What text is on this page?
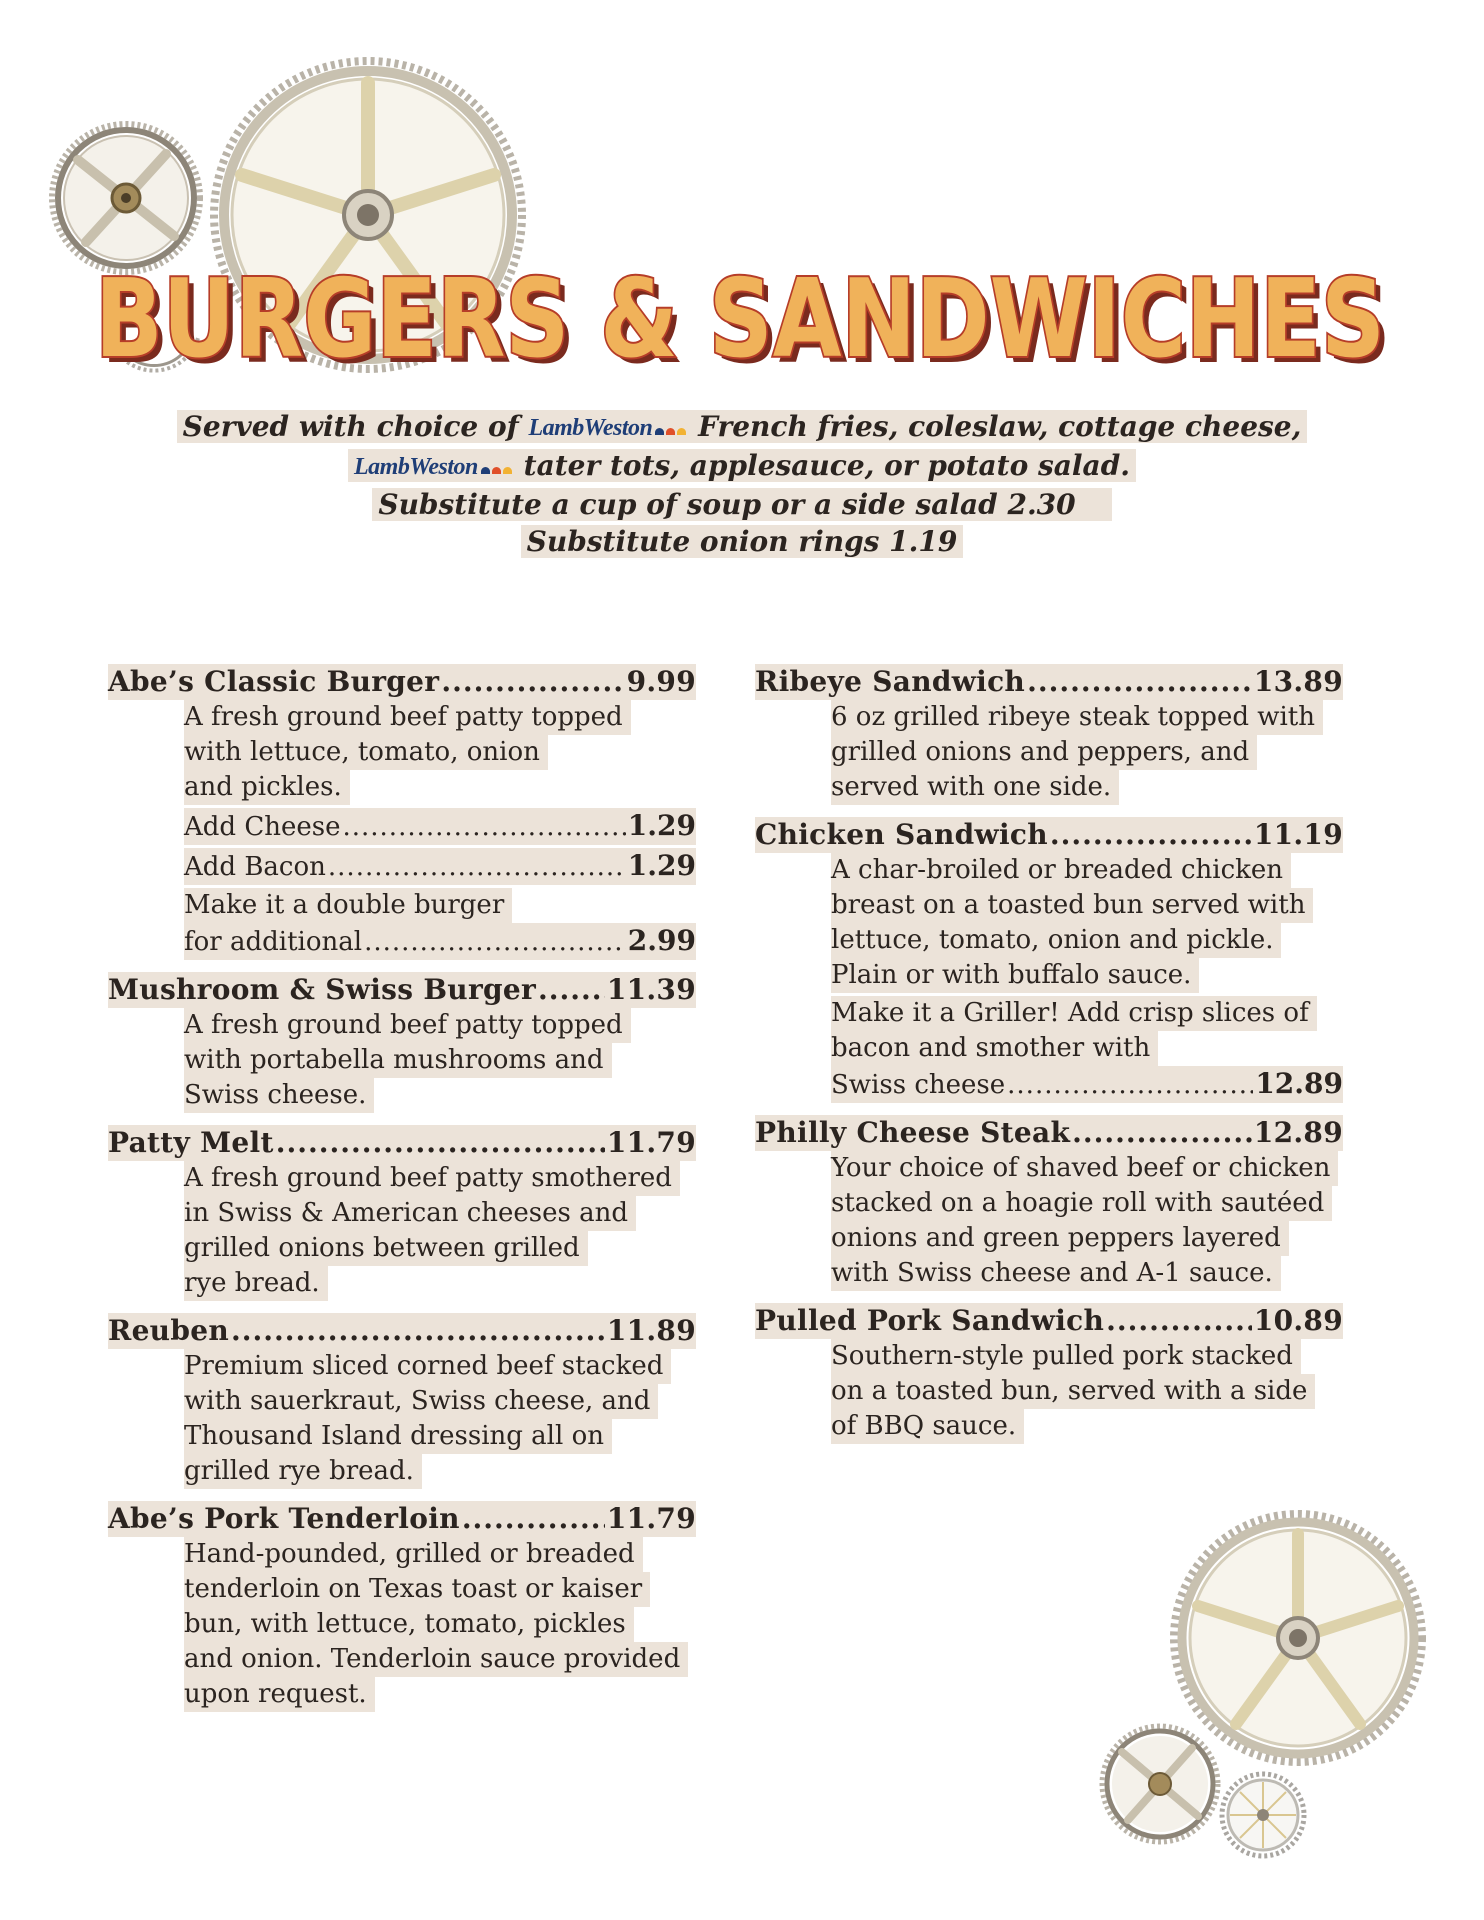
BURGERS & SANDWICHES
BURGERS & SANDWICHES
Served with choice of LambWeston French fries, coleslaw, cottage cheese,
LambWeston tater tots, applesauce, or potato salad.
Substitute a cup of soup or a side salad 2.30
Substitute onion rings 1.19
Abe’s Classic Burger .....	9.99
A fresh ground beef patty topped
with lettuce, tomato, onion
and pickles.
Add Cheese .....	1.29
Add Bacon .....	1.29
Make it a double burger
for additional .....	2.99
Mushroom & Swiss Burger .....	11.39
A fresh ground beef patty topped
with portabella mushrooms and
Swiss cheese.
Patty Melt .....	11.79
A fresh ground beef patty smothered
in Swiss & American cheeses and
grilled onions between grilled
rye bread.
Reuben .....	11.89
Premium sliced corned beef stacked
with sauerkraut, Swiss cheese, and
Thousand Island dressing all on
grilled rye bread.
Abe’s Pork Tenderloin .....	11.79
Hand-pounded, grilled or breaded
tenderloin on Texas toast or kaiser
bun, with lettuce, tomato, pickles
and onion. Tenderloin sauce provided
upon request.
Ribeye Sandwich .....	13.89
6 oz grilled ribeye steak topped with
grilled onions and peppers, and
served with one side.
Chicken Sandwich .....	11.19
A char-broiled or breaded chicken
breast on a toasted bun served with
lettuce, tomato, onion and pickle.
Plain or with buffalo sauce.
Make it a Griller! Add crisp slices of
bacon and smother with
Swiss cheese .....	12.89
Philly Cheese Steak .....	12.89
Your choice of shaved beef or chicken
stacked on a hoagie roll with sautéed
onions and green peppers layered
with Swiss cheese and A-1 sauce.
Pulled Pork Sandwich .....	10.89
Southern-style pulled pork stacked
on a toasted bun, served with a side
of BBQ sauce.
